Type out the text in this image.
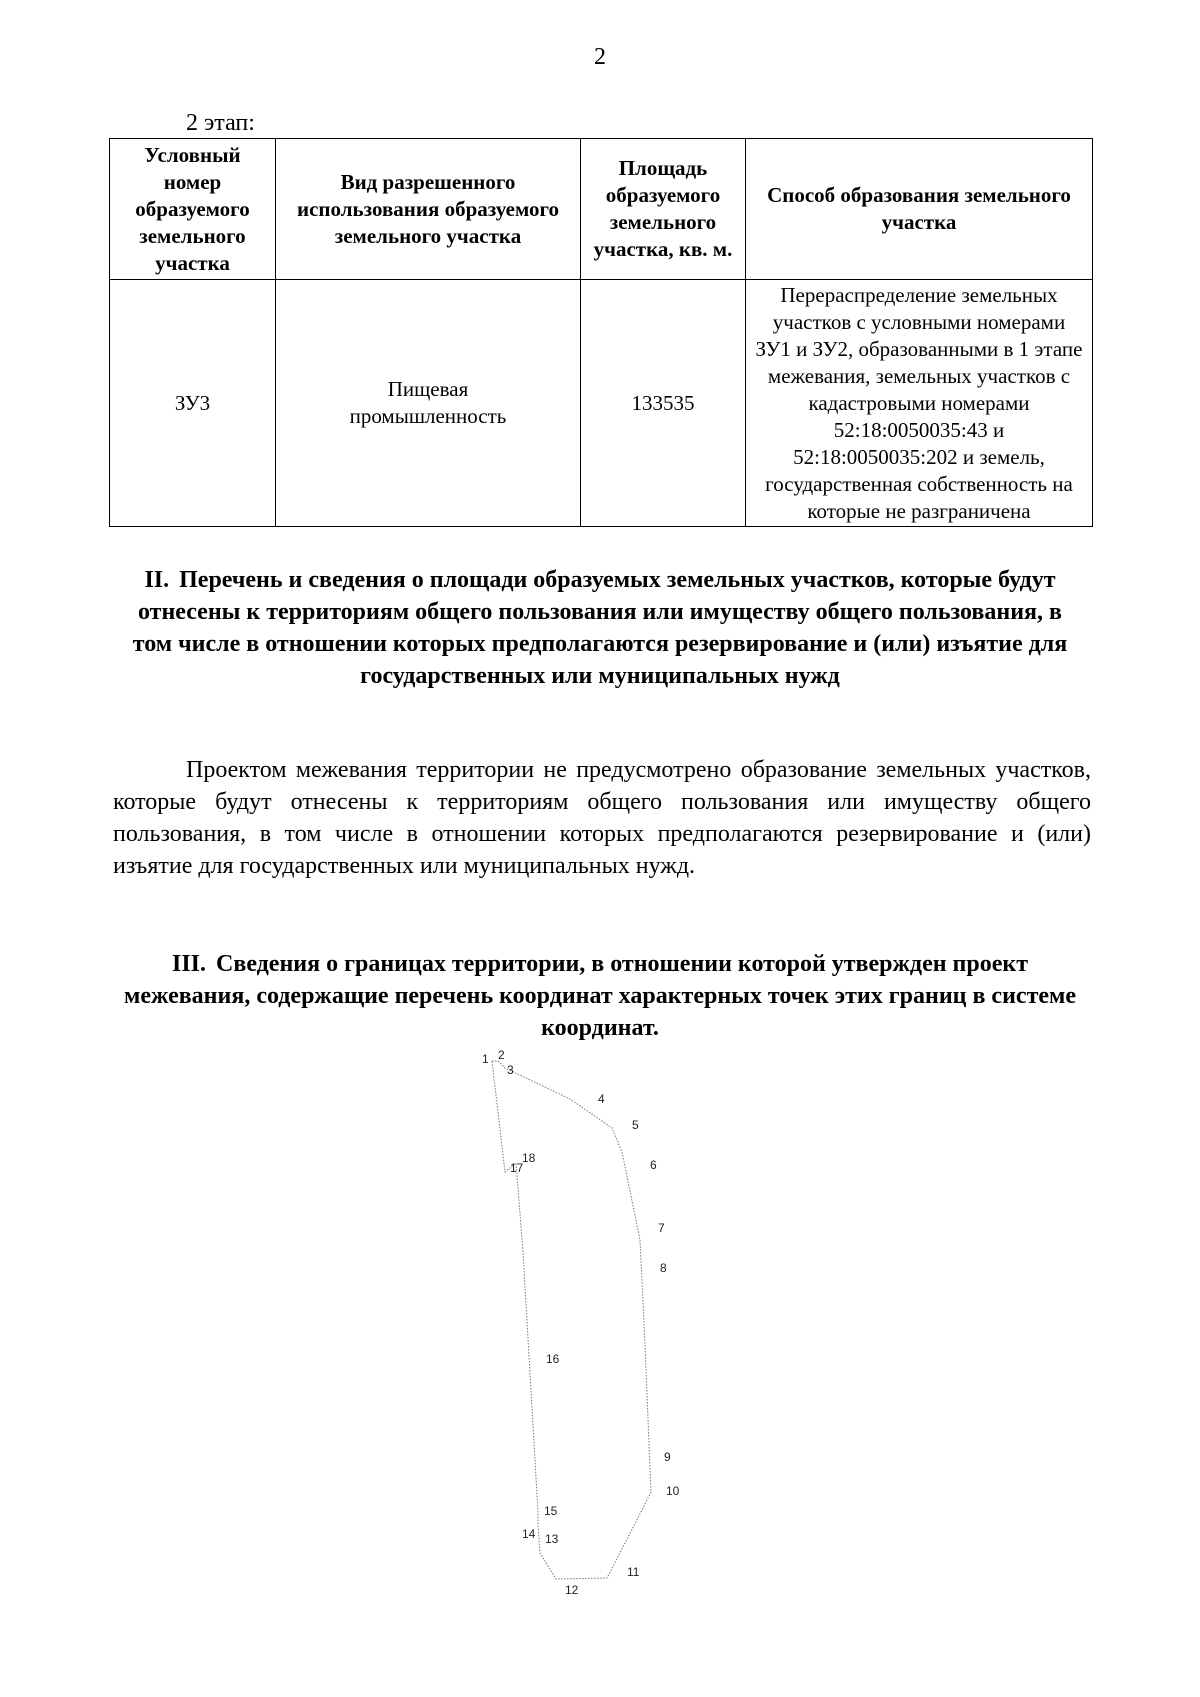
2
2 этап:
Условный номер образуемого земельного участка	Вид разрешенного использования образуемого земельного участка	Площадь образуемого земельного участка, кв. м.	Способ образования земельного участка
ЗУ3	Пищевая промышленность	133535	Перераспределение земельных участков с условными номерами ЗУ1 и ЗУ2, образованными в 1 этапе межевания, земельных участков с кадастровыми номерами 52:18:0050035:43 и 52:18:0050035:202 и земель, государственная собственность на которые не разграничена
II. Перечень и сведения о площади образуемых земельных участков, которые будут отнесены к территориям общего пользования или имуществу общего пользования, в том числе в отношении которых предполагаются резервирование и (или) изъятие для государственных или муниципальных нужд
Проектом межевания территории не предусмотрено образование земельных участков, которые будут отнесены к территориям общего пользования или имуществу общего пользования, в том числе в отношении которых предполагаются резервирование и (или) изъятие для государственных или муниципальных нужд.
III. Сведения о границах территории, в отношении которой утвержден проект межевания, содержащие перечень координат характерных точек этих границ в системе координат.
1 2
3
4
5
6
7
8
9
10
11
12
13
14
15
16
17
18
